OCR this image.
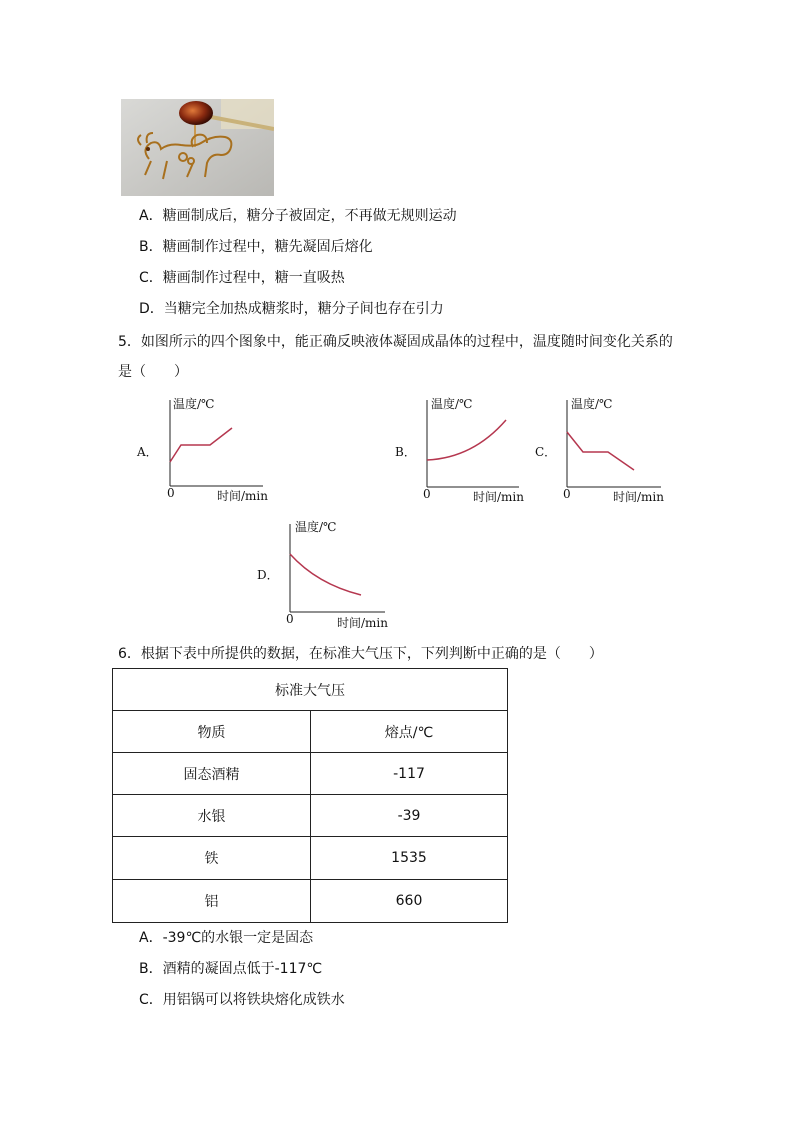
A．糖画制成后，糖分子被固定，不再做无规则运动
B．糖画制作过程中，糖先凝固后熔化
C．糖画制作过程中，糖一直吸热
D．当糖完全加热成糖浆时，糖分子间也存在引力
5．如图所示的四个图象中，能正确反映液体凝固成晶体的过程中，温度随时间变化关系的
是（　　）
A．
温度/℃
时间/min
0
B．
温度/℃
时间/min
0
C．
温度/℃
时间/min
0
D．
温度/℃
时间/min
0
6．根据下表中所提供的数据，在标准大气压下，下列判断中正确的是（　　）
标准大气压	
物质	熔点/℃
固态酒精	-117
水银	-39
铁	1535
铝	660
A．-39℃的水银一定是固态
B．酒精的凝固点低于-117℃
C．用铝锅可以将铁块熔化成铁水
